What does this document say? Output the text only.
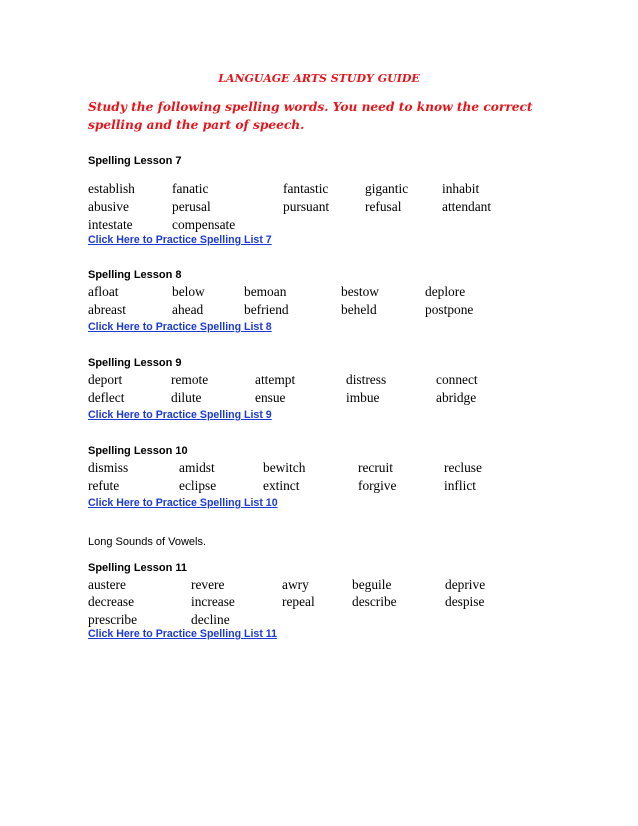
LANGUAGE ARTS STUDY GUIDE
Study the following spelling words. You need to know the correct spelling and the part of speech.
Spelling Lesson 7
establish	fanatic	fantastic	gigantic	inhabit
abusive	perusal	pursuant	refusal	attendant
intestate	compensate
Click Here to Practice Spelling List 7
Spelling Lesson 8
afloat	below	bemoan	bestow	deplore
abreast	ahead	befriend	beheld	postpone
Click Here to Practice Spelling List 8
Spelling Lesson 9
deport	remote	attempt	distress	connect
deflect	dilute	ensue	imbue	abridge
Click Here to Practice Spelling List 9
Spelling Lesson 10
dismiss	amidst	bewitch	recruit	recluse
refute	eclipse	extinct	forgive	inflict
Click Here to Practice Spelling List 10
Long Sounds of Vowels.
Spelling Lesson 11
austere	revere	awry	beguile	deprive
decrease	increase	repeal	describe	despise
prescribe	decline
Click Here to Practice Spelling List 11
